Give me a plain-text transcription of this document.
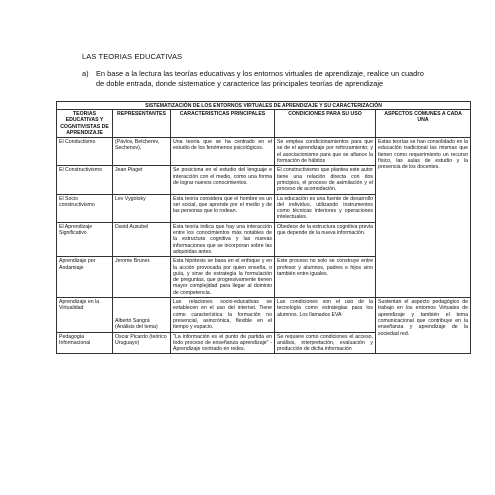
LAS TEORIAS EDUCATIVAS
a)	En base a la lectura las teorías educativas y los entornos virtuales de aprendizaje, realice un cuadro de doble entrada, donde sistematice y caracterice las principales teorías de aprendizaje
SISTEMATIZACIÓN DE LOS ENTORNOS VIRTUALES DE APRENDIZAJE Y SU CARACTERIZACIÓN				
TEORIAS EDUCATIVAS Y COGNITIVISTAS DE APRENDIZAJE	REPRESENTANTES	CARACTERISTICAS PRINCIPALES	CONDICIONES PARA SU USO	ASPECTOS COMUNES A CADA UNA
El Conductismo	(Pávlov, Betcherev, Sechenov),	Una teoría que se ha centrado en el estudio de los fenómenos psicológicos.	Se emplea condicionamientos para que se de el aprendizaje por reforzamiento; y el asociacionismo para que se afiance la formación de hábitos	Estas teorías se han consolidado en la educación tradicional las mismas que tienen como requerimiento un recurso físico, las aulas de estudio y la presencia de los docentes.
El Constructivismo	Jean Piaget	Se posiciona en el estudio del lenguaje e interacción con el medio, como una forma de lograr nuevos conocimientos.	El constructivismo que plantea este autor tiene una relación directa con dos principios, el proceso de asimilación y el proceso de acomodación.	
El Socio constructivismo	Lev Vygotsky	Esta teoría considera que el hombre es un ser social, que aprende por el medio y de las personas que lo rodean.	La educación es una fuente de desarrollo del individuo, utilizando instrumentos como técnicas interiores y operaciones intelectuales.	
El Aprendizaje Significativo	David Ausubel	Esta teoría indica que hay una interacción entre los conocimientos más notables de la estructura cognitiva y las nuevas informaciones que se incorporan sobre las adquiridas antes.	Obedece de la estructura cognitiva previa que depende de la nueva información.	
Aprendizaje por Andamiaje	Jerome Bruner.	Esta hipótesis se basa en el enfoque y en la acción provocada por quien enseña, o guía, y sirve de estrategia la formulación de preguntas, que progresivamente tienen mayor complejidad para llegar al dominio de competencia.	Este proceso no solo se construye entre profesor y alumnos, padres e hijos sino también entre iguales.	
Aprendizaje en la Virtualidad	Albertó Sangrá (Análisis del tema)	Las relaciones socio-educativas se establecen en el uso del internet. Tiene como característica la formación no presencial, asincrónica, flexible en el tiempo y espacio.	Las condiciones son el uso de la tecnología como estrategias para los alumnos. Los llamados EVA	Sustentan el aspecto pedagógico de trabajo en los entornos Virtuales de aprendizaje y también el tema comunicacional que contribuye en la enseñanza y aprendizaje de la sociedad red.
Pedagogía Informacional	Oscar Picardo (teórico Uruguayo)	"La información es el punto de partida en todo proceso de enseñanza aprendizaje" -Aprendizaje centrado en redes.	Se requiere como condiciones el acceso, análisis, interpretación, evaluación y producción de dicha información	
